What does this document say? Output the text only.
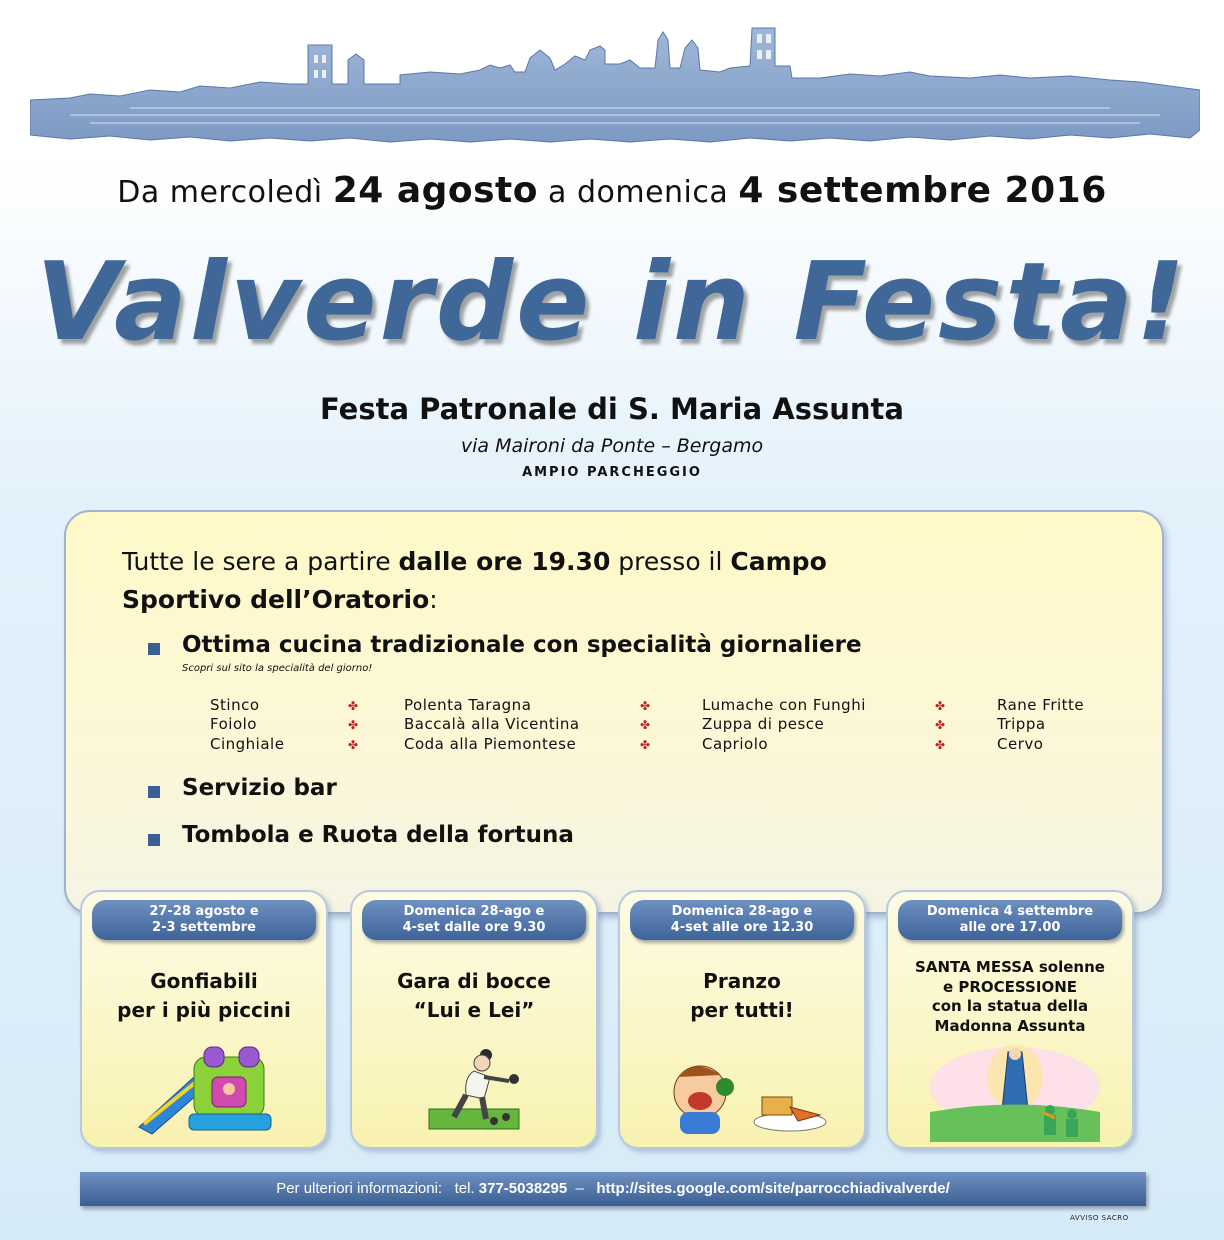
Da mercoledì 24 agosto a domenica 4 settembre 2016
Valverde in Festa!
Festa Patronale di S. Maria Assunta
via Maironi da Ponte – Bergamo
AMPIO PARCHEGGIO
Tutte le sere a partire dalle ore 19.30 presso il Campo
Sportivo dell’Oratorio:
Ottima cucina tradizionale con specialità giornaliere
Scopri sul sito la specialità del giorno!
Stinco	✤	Polenta Taragna	✤	Lumache con Funghi	✤	Rane Fritte
Foiolo	✤	Baccalà alla Vicentina	✤	Zuppa di pesce	✤	Trippa
Cinghiale	✤	Coda alla Piemontese	✤	Capriolo	✤	Cervo
Servizio bar
Tombola e Ruota della fortuna
27-28 agosto e
2-3 settembre
Gonfiabili
per i più piccini
Domenica 28-ago e
4-set dalle ore 9.30
Gara di bocce
“Lui e Lei”
Domenica 28-ago e
4-set alle ore 12.30
Pranzo
per tutti!
Domenica 4 settembre
alle ore 17.00
SANTA MESSA solenne
e PROCESSIONE
con la statua della
Madonna Assunta
Per ulteriori informazioni:   tel. 377-5038295  –   http://sites.google.com/site/parrocchiadivalverde/
AVVISO SACRO
